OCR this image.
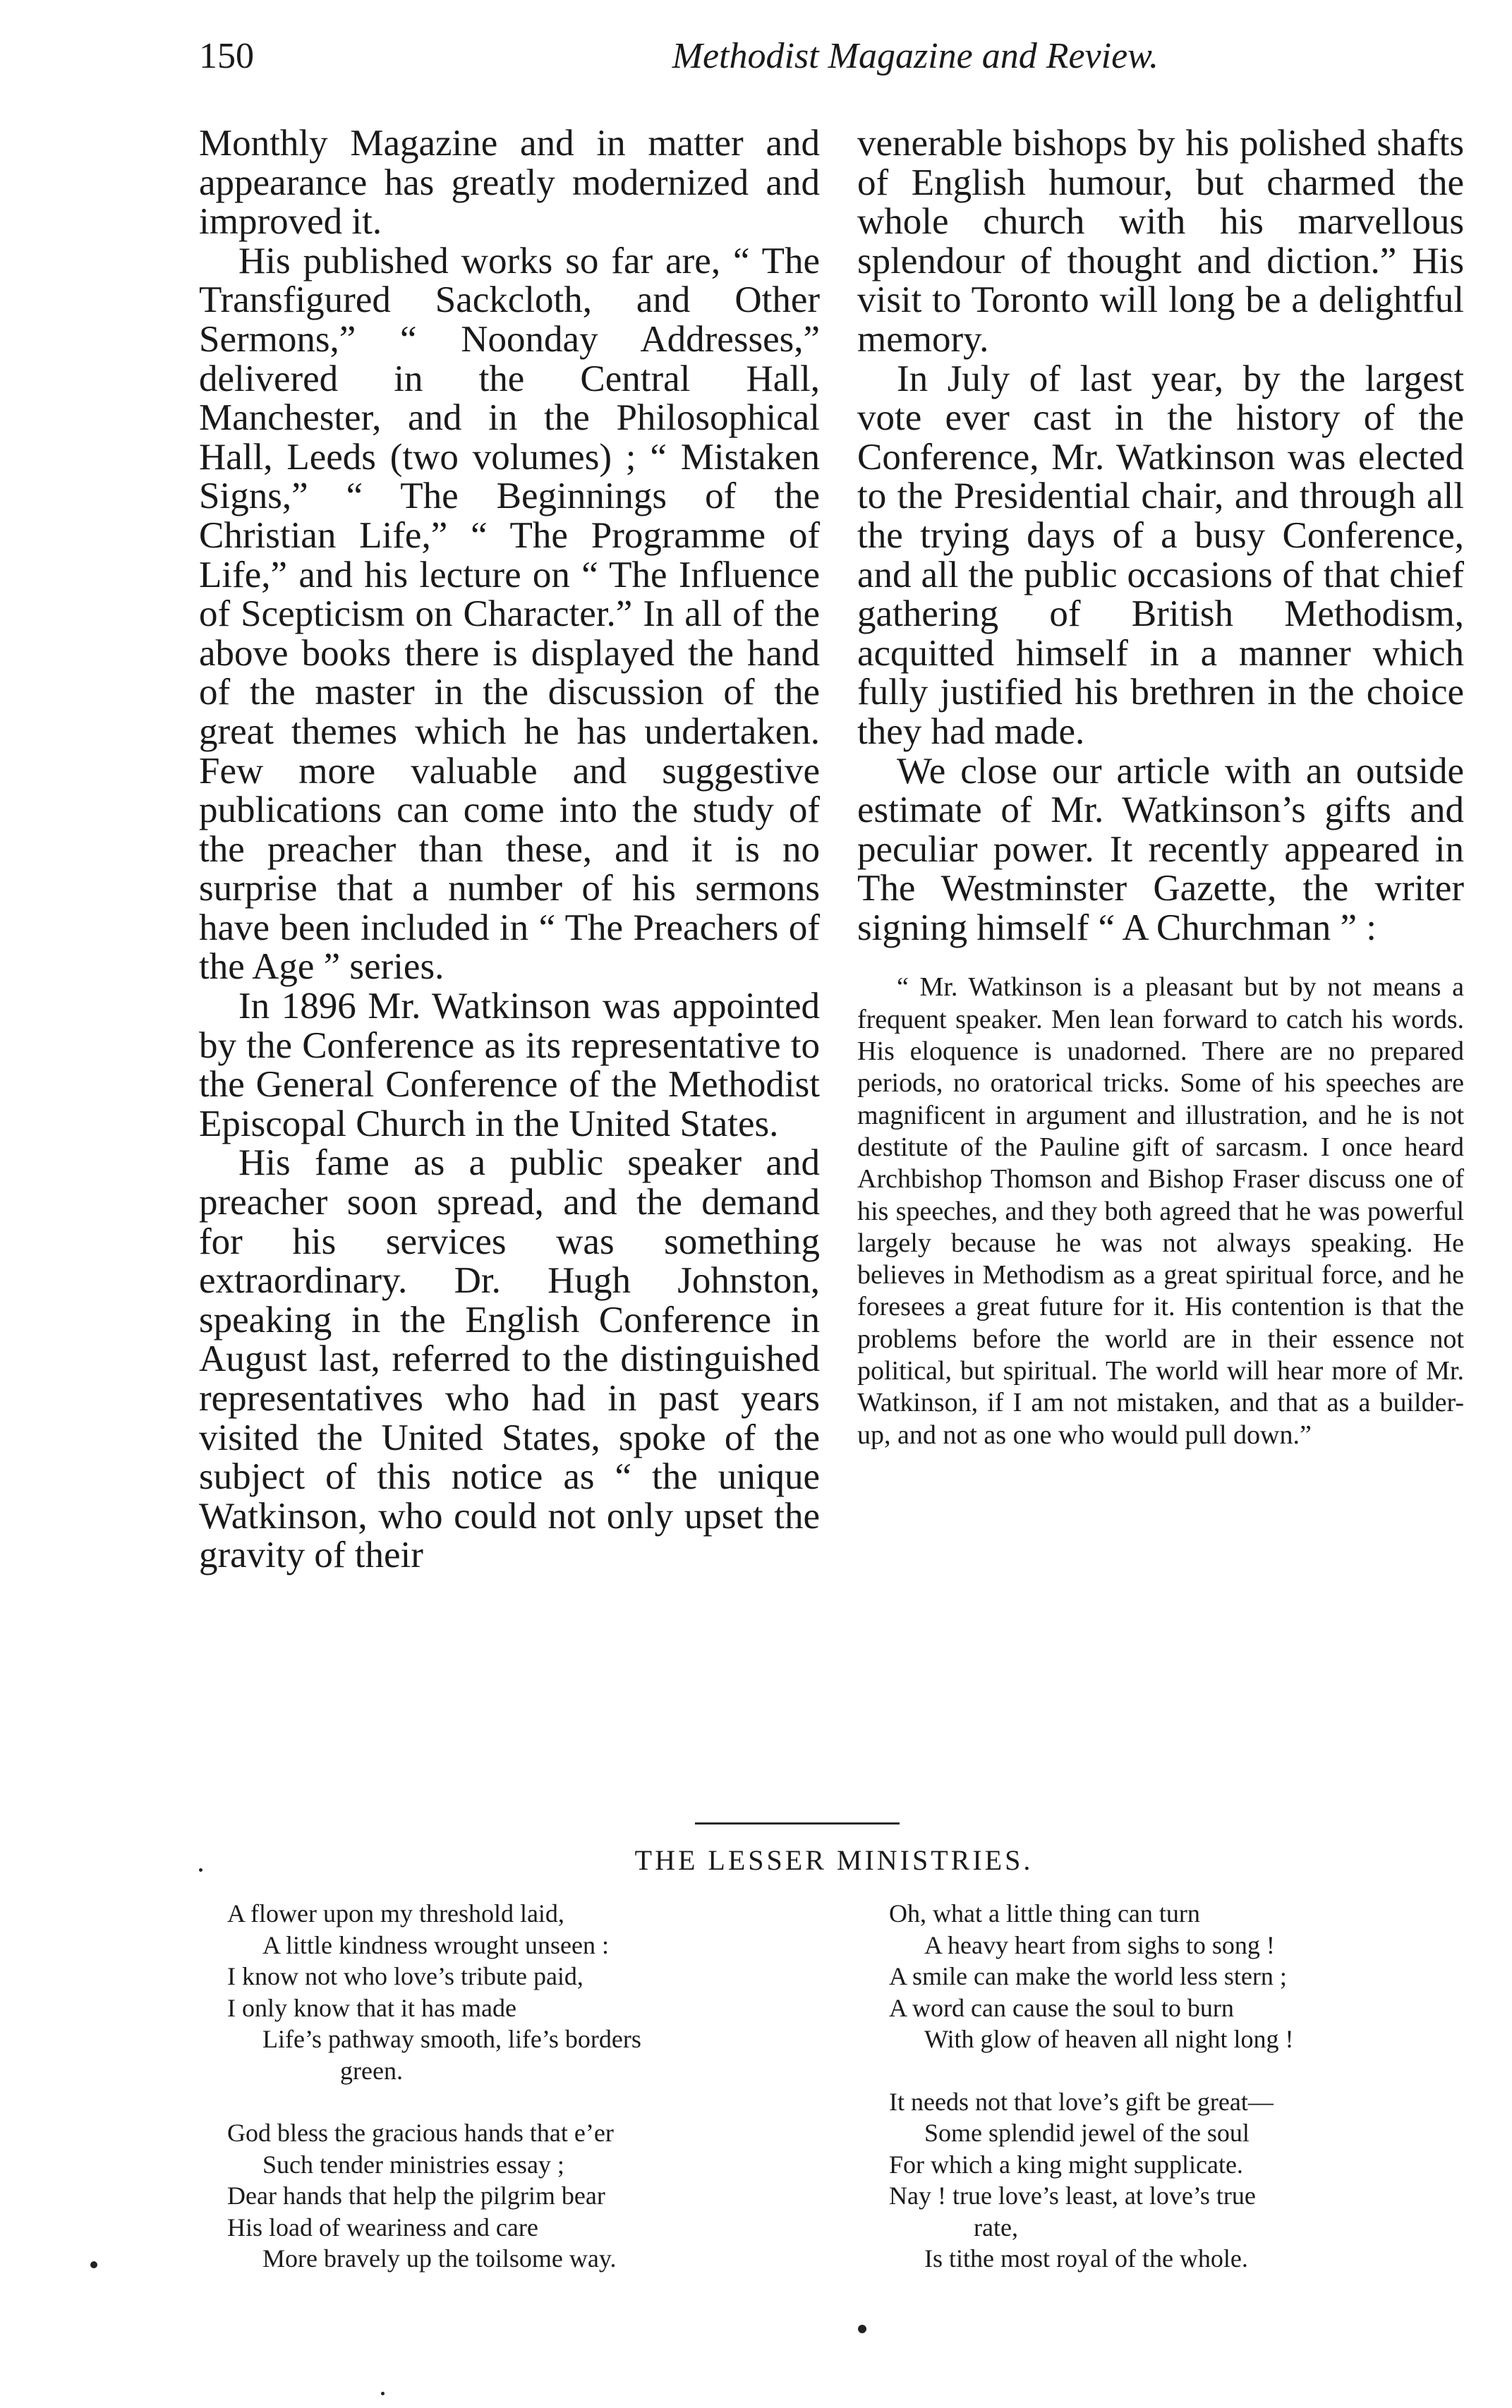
150	Methodist Magazine and Review.

Monthly Magazine and in matter and appearance has greatly modernized and improved it.

His published works so far are, “ The Transfigured Sackcloth, and Other Sermons,” “ Noonday Addresses,” delivered in the Central Hall, Manchester, and in the Philosophical Hall, Leeds (two volumes) ; “ Mistaken Signs,” “ The Beginnings of the Christian Life,” “ The Programme of Life,” and his lecture on “ The Influence of Scepticism on Character.” In all of the above books there is displayed the hand of the master in the discussion of the great themes which he has undertaken. Few more valuable and suggestive publications can come into the study of the preacher than these, and it is no surprise that a number of his sermons have been included in “ The Preachers of the Age ” series.

In 1896 Mr. Watkinson was appointed by the Conference as its representative to the General Conference of the Methodist Episcopal Church in the United States.

His fame as a public speaker and preacher soon spread, and the demand for his services was something extraordinary. Dr. Hugh Johnston, speaking in the English Conference in August last, referred to the distinguished representatives who had in past years visited the United States, spoke of the subject of this notice as “ the unique Watkinson, who could not only upset the gravity of their

venerable bishops by his polished shafts of English humour, but charmed the whole church with his marvellous splendour of thought and diction.” His visit to Toronto will long be a delightful memory.

In July of last year, by the largest vote ever cast in the history of the Conference, Mr. Watkinson was elected to the Presidential chair, and through all the trying days of a busy Conference, and all the public occasions of that chief gathering of British Methodism, acquitted himself in a manner which fully justified his brethren in the choice they had made.

We close our article with an outside estimate of Mr. Watkinson’s gifts and peculiar power. It recently appeared in The Westminster Gazette, the writer signing himself “ A Churchman ” :

“ Mr. Watkinson is a pleasant but by not means a frequent speaker. Men lean forward to catch his words. His eloquence is unadorned. There are no prepared periods, no oratorical tricks. Some of his speeches are magnificent in argument and illustration, and he is not destitute of the Pauline gift of sarcasm. I once heard Archbishop Thomson and Bishop Fraser discuss one of his speeches, and they both agreed that he was powerful largely because he was not always speaking. He believes in Methodism as a great spiritual force, and he foresees a great future for it. His contention is that the problems before the world are in their essence not political, but spiritual. The world will hear more of Mr. Watkinson, if I am not mistaken, and that as a builder-up, and not as one who would pull down.”

THE LESSER MINISTRIES.
A flower upon my threshold laid,
A little kindness wrought unseen :
I know not who love’s tribute paid,
I only know that it has made
Life’s pathway smooth, life’s borders
green.
God bless the gracious hands that e’er
Such tender ministries essay ;
Dear hands that help the pilgrim bear
His load of weariness and care
More bravely up the toilsome way.
Oh, what a little thing can turn
A heavy heart from sighs to song !
A smile can make the world less stern ;
A word can cause the soul to burn
With glow of heaven all night long !
It needs not that love’s gift be great—
Some splendid jewel of the soul
For which a king might supplicate.
Nay ! true love’s least, at love’s true
rate,
Is tithe most royal of the whole.
